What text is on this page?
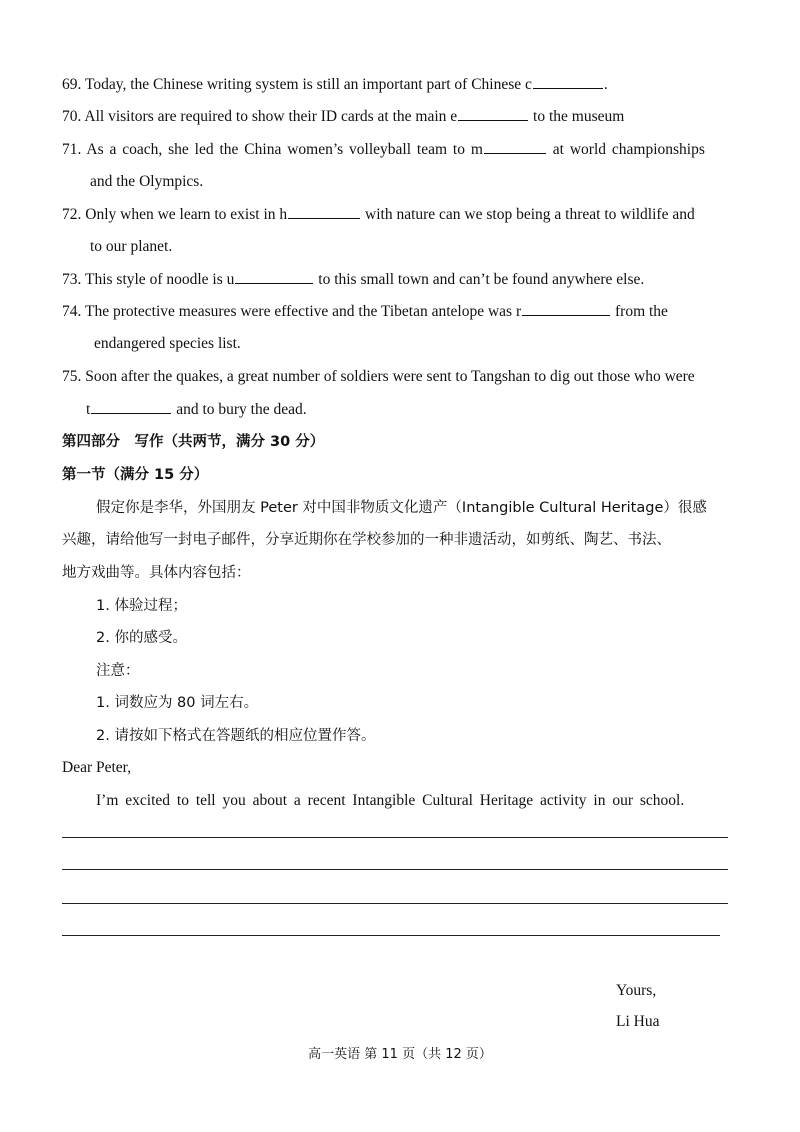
69. Today, the Chinese writing system is still an important part of Chinese c	.
70. All visitors are required to show their ID cards at the main e	to the museum
71. As a coach, she led the China women’s volleyball team to m	at world championships
and the Olympics.
72. Only when we learn to exist in h	with nature can we stop being a threat to wildlife and
to our planet.
73. This style of noodle is u	to this small town and can’t be found anywhere else.
74. The protective measures were effective and the Tibetan antelope was r	from the
endangered species list.
75. Soon after the quakes, a great number of soldiers were sent to Tangshan to dig out those who were
t	and to bury the dead.
第四部分　写作（共两节，满分 30 分）
第一节（满分 15 分）
假定你是李华，外国朋友 Peter 对中国非物质文化遗产（Intangible Cultural Heritage）很感
兴趣，请给他写一封电子邮件，分享近期你在学校参加的一种非遗活动，如剪纸、陶艺、书法、
地方戏曲等。具体内容包括：
1. 体验过程；
2. 你的感受。
注意：
1. 词数应为 80 词左右。
2. 请按如下格式在答题纸的相应位置作答。
Dear Peter,
I’m excited to tell you about a recent Intangible Cultural Heritage activity in our school.
Yours,
Li Hua
高一英语 第 11 页（共 12 页）
